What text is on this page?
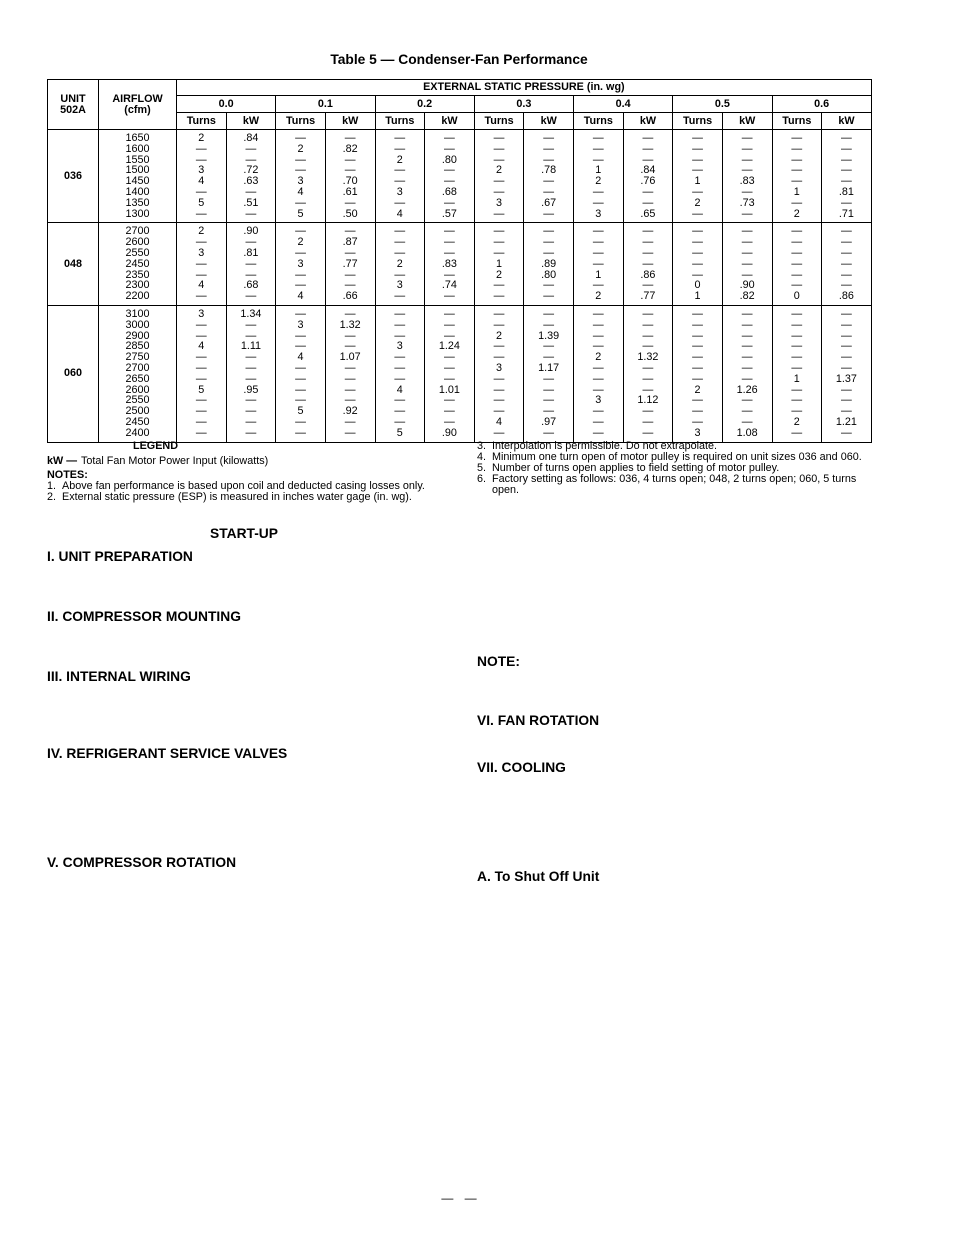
Table 5 — Condenser-Fan Performance
UNIT
502A	AIRFLOW
(cfm)	EXTERNAL STATIC PRESSURE (in. wg)													
		0.0		0.1		0.2		0.3		0.4		0.5		0.6	
		Turns	kW	Turns	kW	Turns	kW	Turns	kW	Turns	kW	Turns	kW	Turns	kW
036	1650	2	.84	—	—	—	—	—	—	—	—	—	—	—	—
	1600	—	—	2	.82	—	—	—	—	—	—	—	—	—	—
	1550	—	—	—	—	2	.80	—	—	—	—	—	—	—	—
	1500	3	.72	—	—	—	—	2	.78	1	.84	—	—	—	—
	1450	4	.63	3	.70	—	—	—	—	2	.76	1	.83	—	—
	1400	—	—	4	.61	3	.68	—	—	—	—	—	—	1	.81
	1350	5	.51	—	—	—	—	3	.67	—	—	2	.73	—	—
	1300	—	—	5	.50	4	.57	—	—	3	.65	—	—	2	.71
048	2700	2	.90	—	—	—	—	—	—	—	—	—	—	—	—
	2600	—	—	2	.87	—	—	—	—	—	—	—	—	—	—
	2550	3	.81	—	—	—	—	—	—	—	—	—	—	—	—
	2450	—	—	3	.77	2	.83	1	.89	—	—	—	—	—	—
	2350	—	—	—	—	—	—	2	.80	1	.86	—	—	—	—
	2300	4	.68	—	—	3	.74	—	—	—	—	0	.90	—	—
	2200	—	—	4	.66	—	—	—	—	2	.77	1	.82	0	.86
060	3100	3	1.34	—	—	—	—	—	—	—	—	—	—	—	—
	3000	—	—	3	1.32	—	—	—	—	—	—	—	—	—	—
	2900	—	—	—	—	—	—	2	1.39	—	—	—	—	—	—
	2850	4	1.11	—	—	3	1.24	—	—	—	—	—	—	—	—
	2750	—	—	4	1.07	—	—	—	—	2	1.32	—	—	—	—
	2700	—	—	—	—	—	—	3	1.17	—	—	—	—	—	—
	2650	—	—	—	—	—	—	—	—	—	—	—	—	1	1.37
	2600	5	.95	—	—	4	1.01	—	—	—	—	2	1.26	—	—
	2550	—	—	—	—	—	—	—	—	3	1.12	—	—	—	—
	2500	—	—	5	.92	—	—	—	—	—	—	—	—	—	—
	2450	—	—	—	—	—	—	4	.97	—	—	—	—	2	1.21
	2400	—	—	—	—	5	.90	—	—	—	—	3	1.08	—	—
LEGEND
kW — Total Fan Motor Power Input (kilowatts)
NOTES:
1. Above fan performance is based upon coil and deducted casing losses only.
2. External static pressure (ESP) is measured in inches water gage (in. wg).
3. Interpolation is permissible. Do not extrapolate.
4. Minimum one turn open of motor pulley is required on unit sizes 036 and 060.
5. Number of turns open applies to field setting of motor pulley.
6. Factory setting as follows: 036, 4 turns open; 048, 2 turns open; 060, 5 turns open.
START-UP
I. UNIT PREPARATION
II. COMPRESSOR MOUNTING
III. INTERNAL WIRING
IV. REFRIGERANT SERVICE VALVES
V. COMPRESSOR ROTATION
NOTE:
VI. FAN ROTATION
VII. COOLING
A. To Shut Off Unit
— —
